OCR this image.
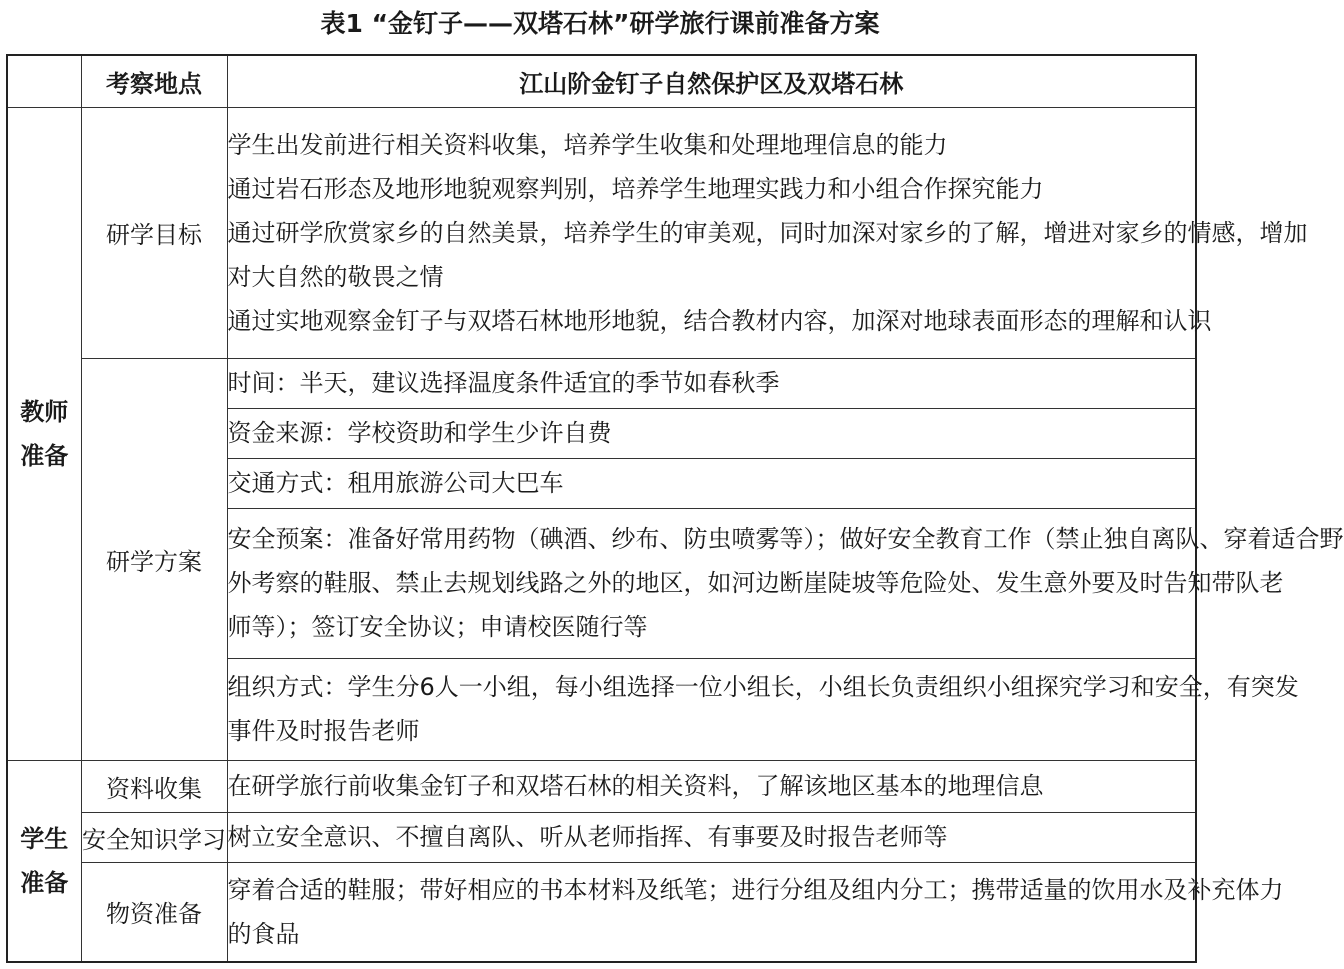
表1 “金钉子——双塔石林”研学旅行课前准备方案
	考察地点	江山阶金钉子自然保护区及双塔石林

教师
准备	研学目标	学生出发前进行相关资料收集，培养学生收集和处理地理信息的能力
通过岩石形态及地形地貌观察判别，培养学生地理实践力和小组合作探究能力
通过研学欣赏家乡的自然美景，培养学生的审美观，同时加深对家乡的了解，增进对家乡的情感，增加
对大自然的敬畏之情
通过实地观察金钉子与双塔石林地形地貌，结合教材内容，加深对地球表面形态的理解和认识

	研学方案	时间：半天，建议选择温度条件适宜的季节如春秋季

		资金来源：学校资助和学生少许自费

		交通方式：租用旅游公司大巴车

		安全预案：准备好常用药物（碘酒、纱布、防虫喷雾等）；做好安全教育工作（禁止独自离队、穿着适合野
外考察的鞋服、禁止去规划线路之外的地区，如河边断崖陡坡等危险处、发生意外要及时告知带队老
师等）；签订安全协议；申请校医随行等

		组织方式：学生分6人一小组，每小组选择一位小组长，小组长负责组织小组探究学习和安全，有突发
事件及时报告老师

学生
准备	资料收集	在研学旅行前收集金钉子和双塔石林的相关资料，了解该地区基本的地理信息

	安全知识学习	树立安全意识、不擅自离队、听从老师指挥、有事要及时报告老师等

	物资准备	穿着合适的鞋服；带好相应的书本材料及纸笔；进行分组及组内分工；携带适量的饮用水及补充体力
的食品
